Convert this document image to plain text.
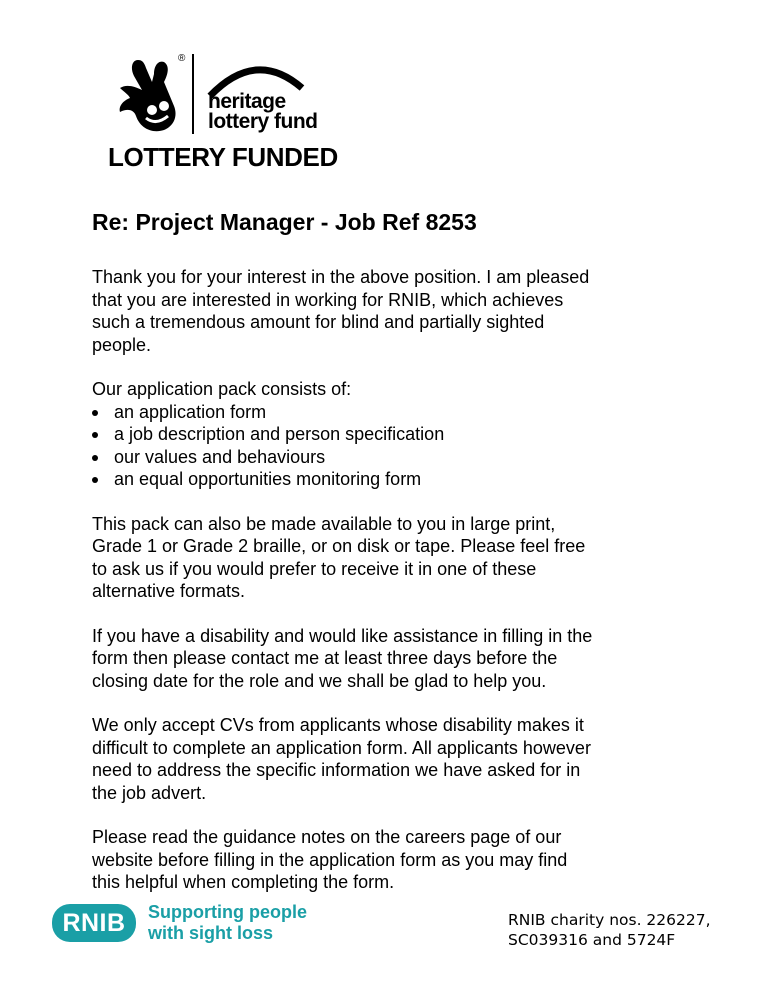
®
heritage
lottery fund
LOTTERY FUNDED
Re: Project Manager - Job Ref 8253

Thank you for your interest in the above position. I am pleased
that you are interested in working for RNIB, which achieves
such a tremendous amount for blind and partially sighted
people.

Our application pack consists of:
an application form
a job description and person specification
our values and behaviours
an equal opportunities monitoring form

This pack can also be made available to you in large print,
Grade 1 or Grade 2 braille, or on disk or tape. Please feel free
to ask us if you would prefer to receive it in one of these
alternative formats.

If you have a disability and would like assistance in filling in the
form then please contact me at least three days before the
closing date for the role and we shall be glad to help you.

We only accept CVs from applicants whose disability makes it
difficult to complete an application form. All applicants however
need to address the specific information we have asked for in
the job advert.

Please read the guidance notes on the careers page of our
website before filling in the application form as you may find
this helpful when completing the form.

RNIB	Supporting people
with sight loss
RNIB charity nos. 226227,
SC039316 and 5724F
